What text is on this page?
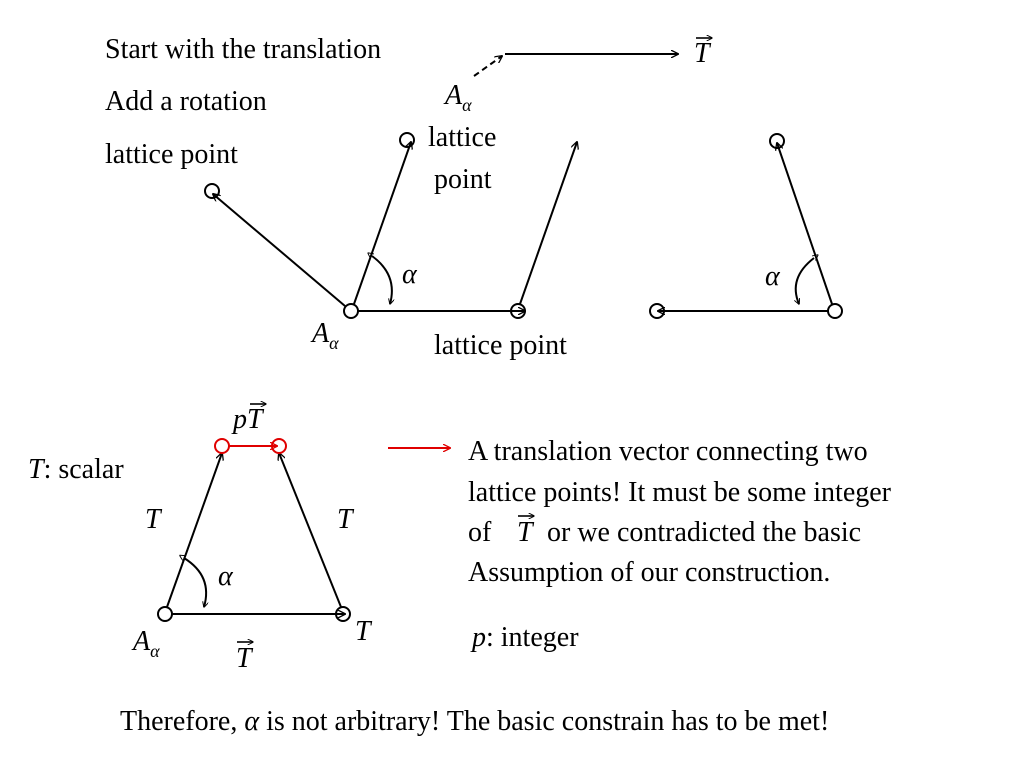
Start with the translation
Add a rotation
lattice point
T
$A_\alpha$
α
$A_\alpha$
lattice
point
lattice point
α
α
T	T
T
$A_\alpha$	T
pT
T: scalar
A translation vector connecting two
lattice points! It must be some integer
of T or we contradicted the basic
Assumption of our construction.
p: integer
Therefore, α is not arbitrary! The basic constrain has to be met!
